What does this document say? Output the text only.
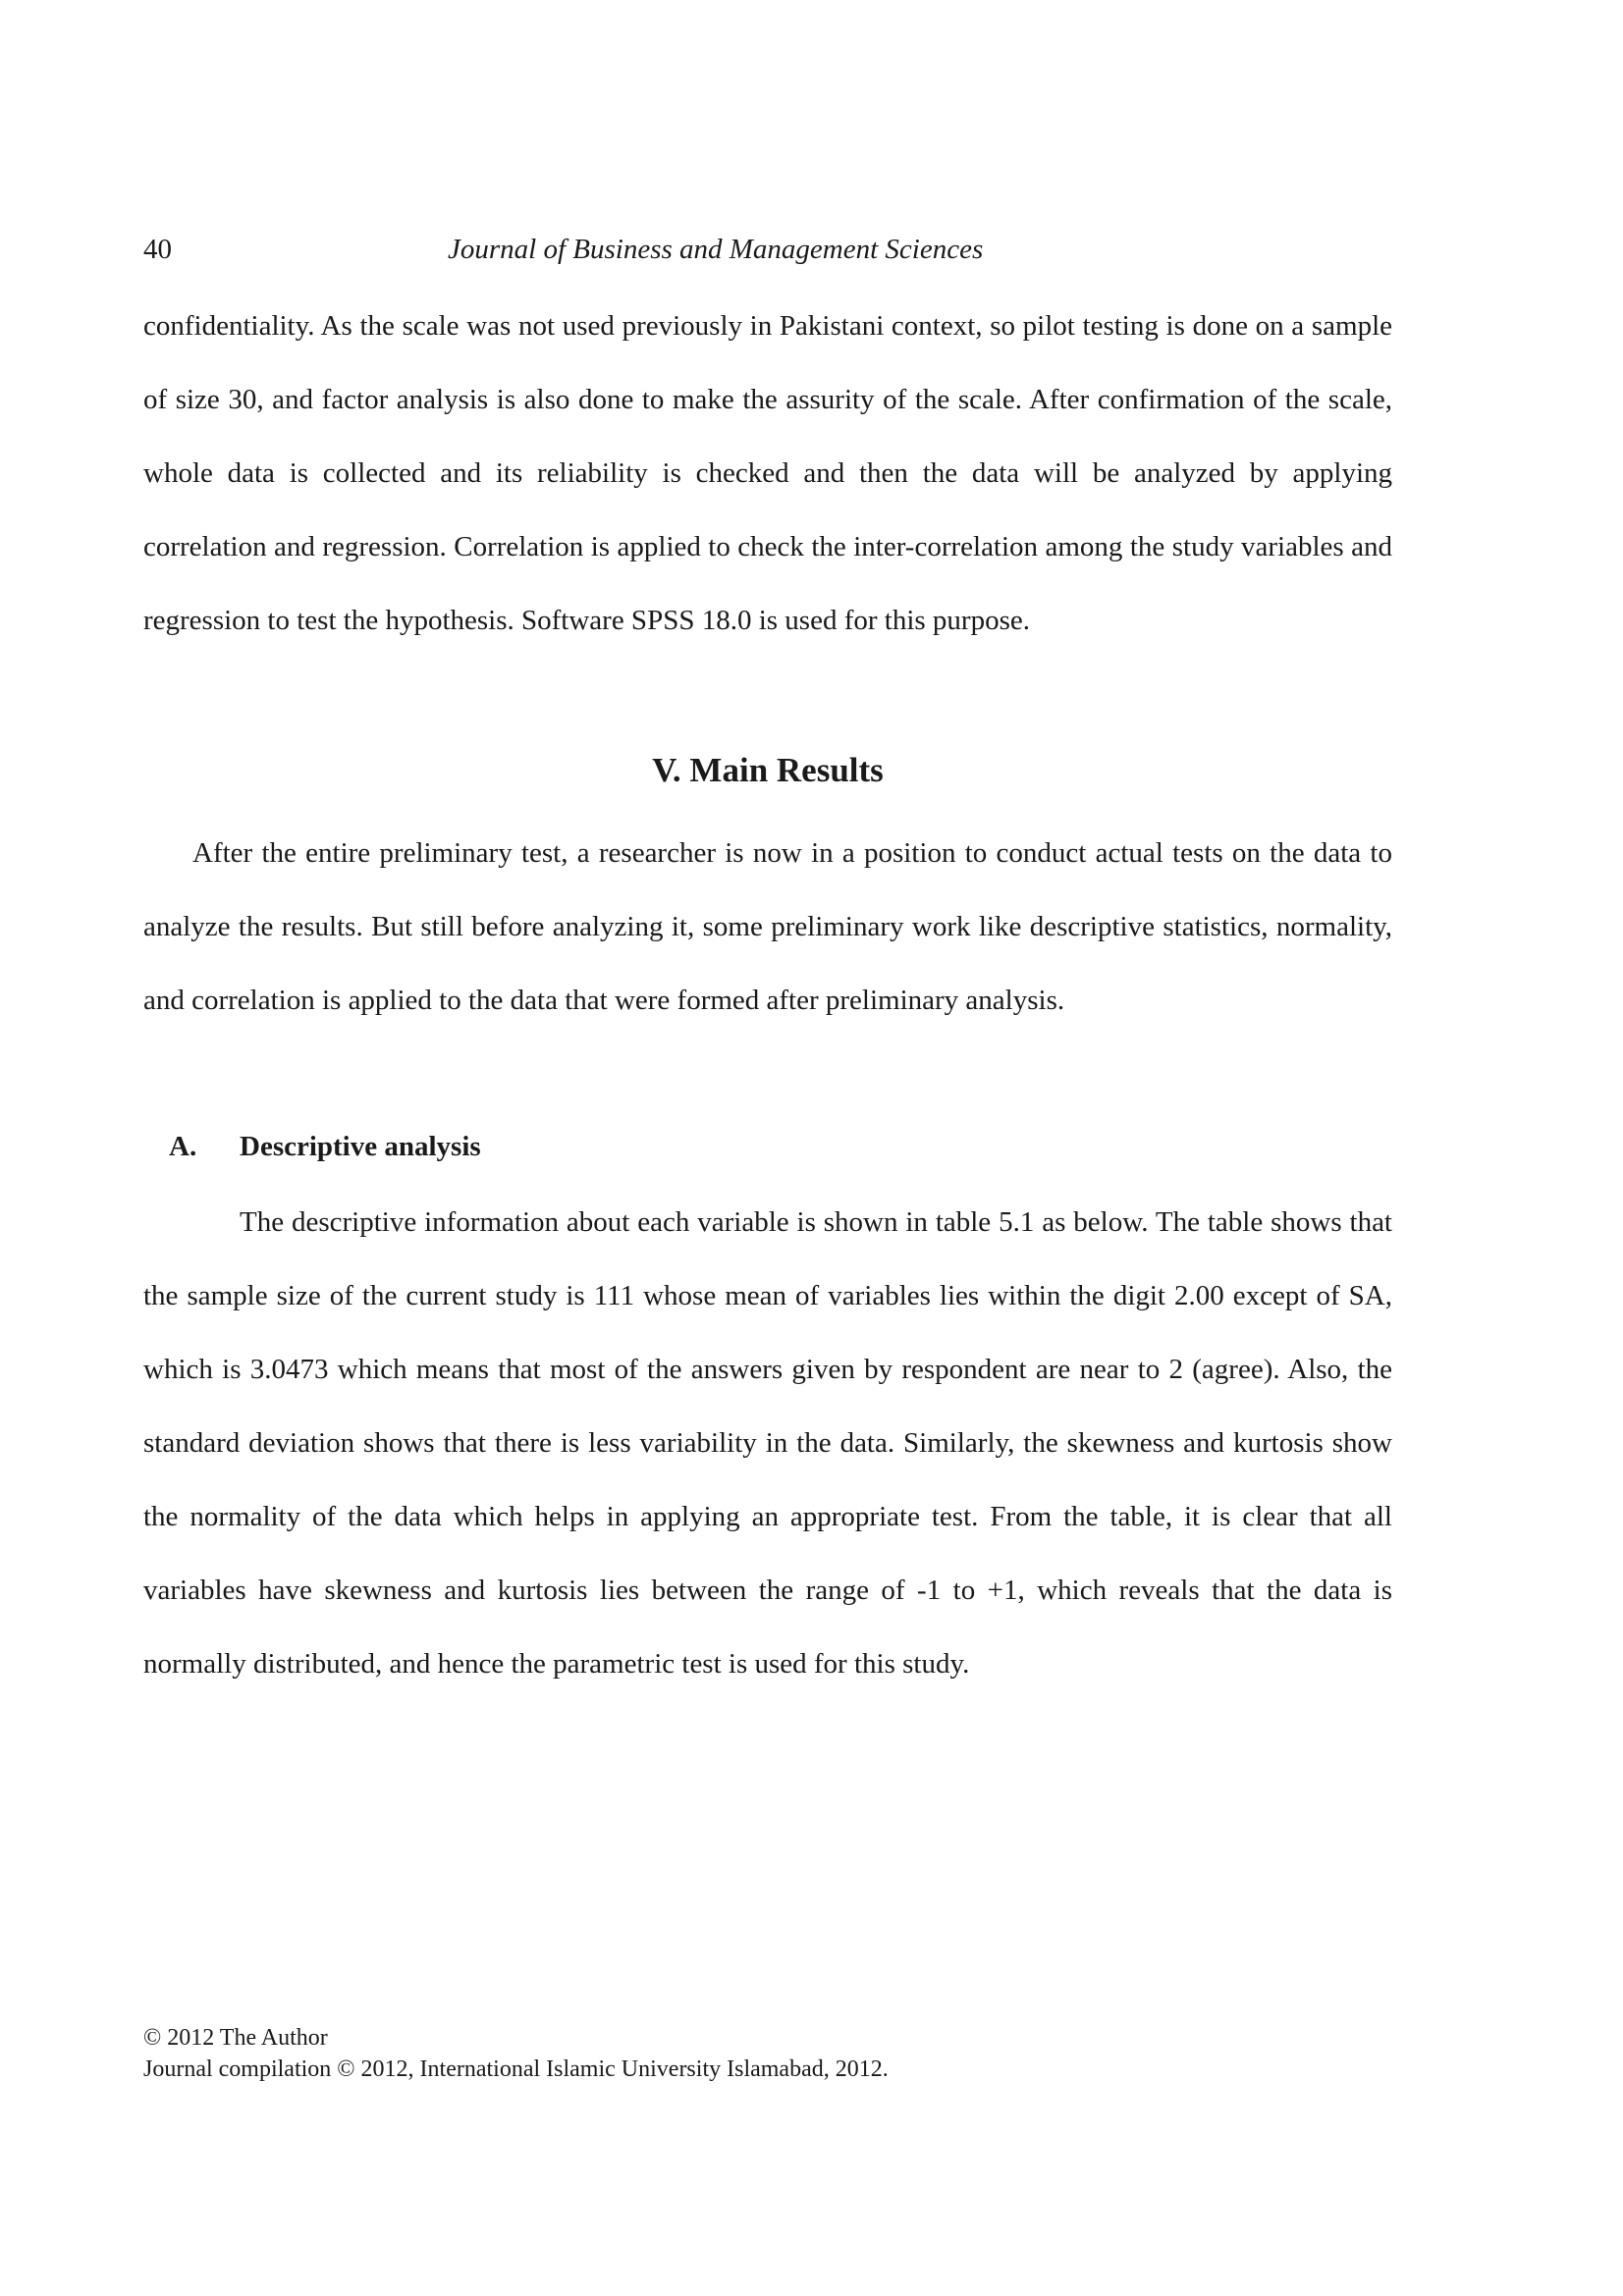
40	Journal of Business and Management Sciences

confidentiality. As the scale was not used previously in Pakistani context, so pilot testing is done on a sample of size 30, and factor analysis is also done to make the assurity of the scale. After confirmation of the scale, whole data is collected and its reliability is checked and then the data will be analyzed by applying correlation and regression. Correlation is applied to check the inter-correlation among the study variables and regression to test the hypothesis. Software SPSS 18.0 is used for this purpose.

V. Main Results

After the entire preliminary test, a researcher is now in a position to conduct actual tests on the data to analyze the results. But still before analyzing it, some preliminary work like descriptive statistics, normality, and correlation is applied to the data that were formed after preliminary analysis.

A. Descriptive analysis

The descriptive information about each variable is shown in table 5.1 as below. The table shows that the sample size of the current study is 111 whose mean of variables lies within the digit 2.00 except of SA, which is 3.0473 which means that most of the answers given by respondent are near to 2 (agree). Also, the standard deviation shows that there is less variability in the data. Similarly, the skewness and kurtosis show the normality of the data which helps in applying an appropriate test. From the table, it is clear that all variables have skewness and kurtosis lies between the range of -1 to +1, which reveals that the data is normally distributed, and hence the parametric test is used for this study.

© 2012 The Author
Journal compilation © 2012, International Islamic University Islamabad, 2012.
